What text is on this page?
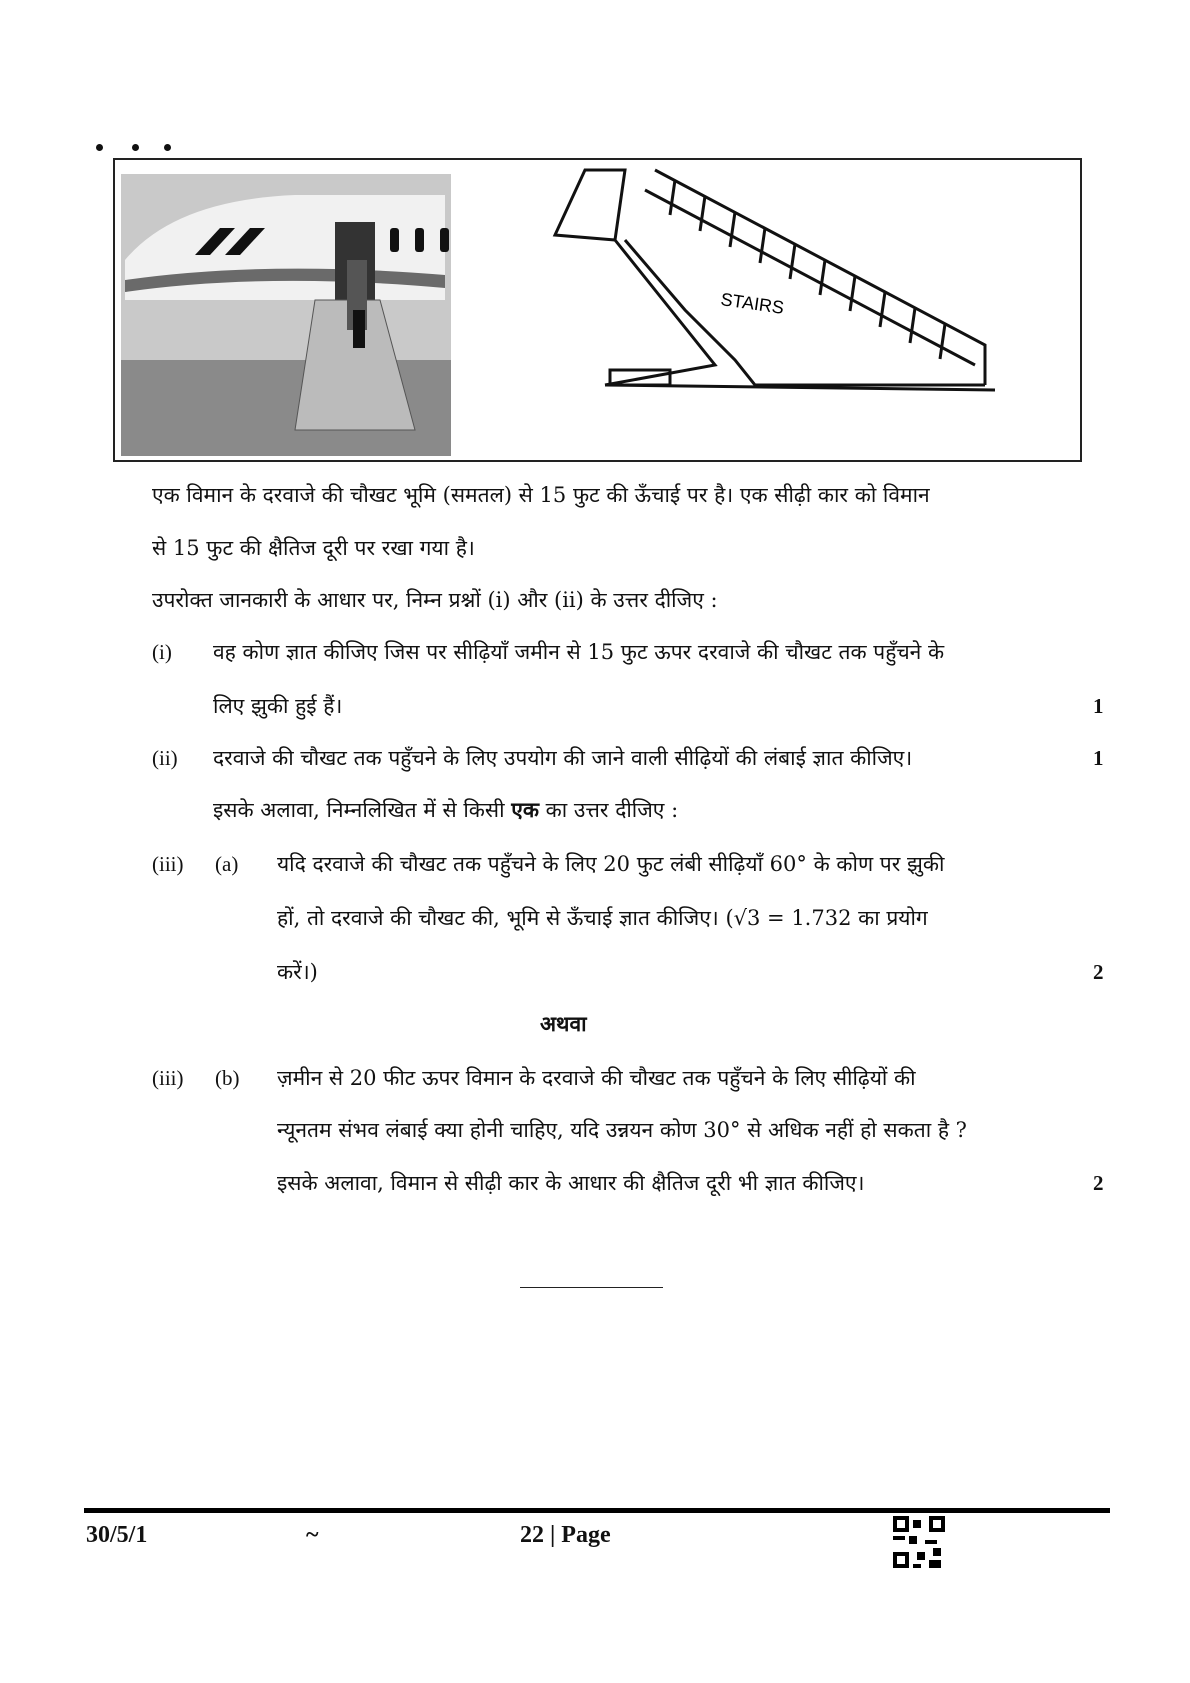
STAIRS
एक विमान के दरवाजे की चौखट भूमि (समतल) से 15 फुट की ऊँचाई पर है। एक सीढ़ी कार को विमान
से 15 फुट की क्षैतिज दूरी पर रखा गया है।
उपरोक्त जानकारी के आधार पर, निम्न प्रश्नों (i) और (ii) के उत्तर दीजिए :
(i) वह कोण ज्ञात कीजिए जिस पर सीढ़ियाँ जमीन से 15 फुट ऊपर दरवाजे की चौखट तक पहुँचने के
लिए झुकी हुई हैं।	1
(ii) दरवाजे की चौखट तक पहुँचने के लिए उपयोग की जाने वाली सीढ़ियों की लंबाई ज्ञात कीजिए।	1
इसके अलावा, निम्नलिखित में से किसी एक का उत्तर दीजिए :
(iii) (a) यदि दरवाजे की चौखट तक पहुँचने के लिए 20 फुट लंबी सीढ़ियाँ 60° के कोण पर झुकी
हों, तो दरवाजे की चौखट की, भूमि से ऊँचाई ज्ञात कीजिए। (√3 = 1.732 का प्रयोग
करें।)	2
अथवा
(iii) (b) ज़मीन से 20 फीट ऊपर विमान के दरवाजे की चौखट तक पहुँचने के लिए सीढ़ियों की
न्यूनतम संभव लंबाई क्या होनी चाहिए, यदि उन्नयन कोण 30° से अधिक नहीं हो सकता है ?
इसके अलावा, विमान से सीढ़ी कार के आधार की क्षैतिज दूरी भी ज्ञात कीजिए।	2
30/5/1	~	22 | Page
